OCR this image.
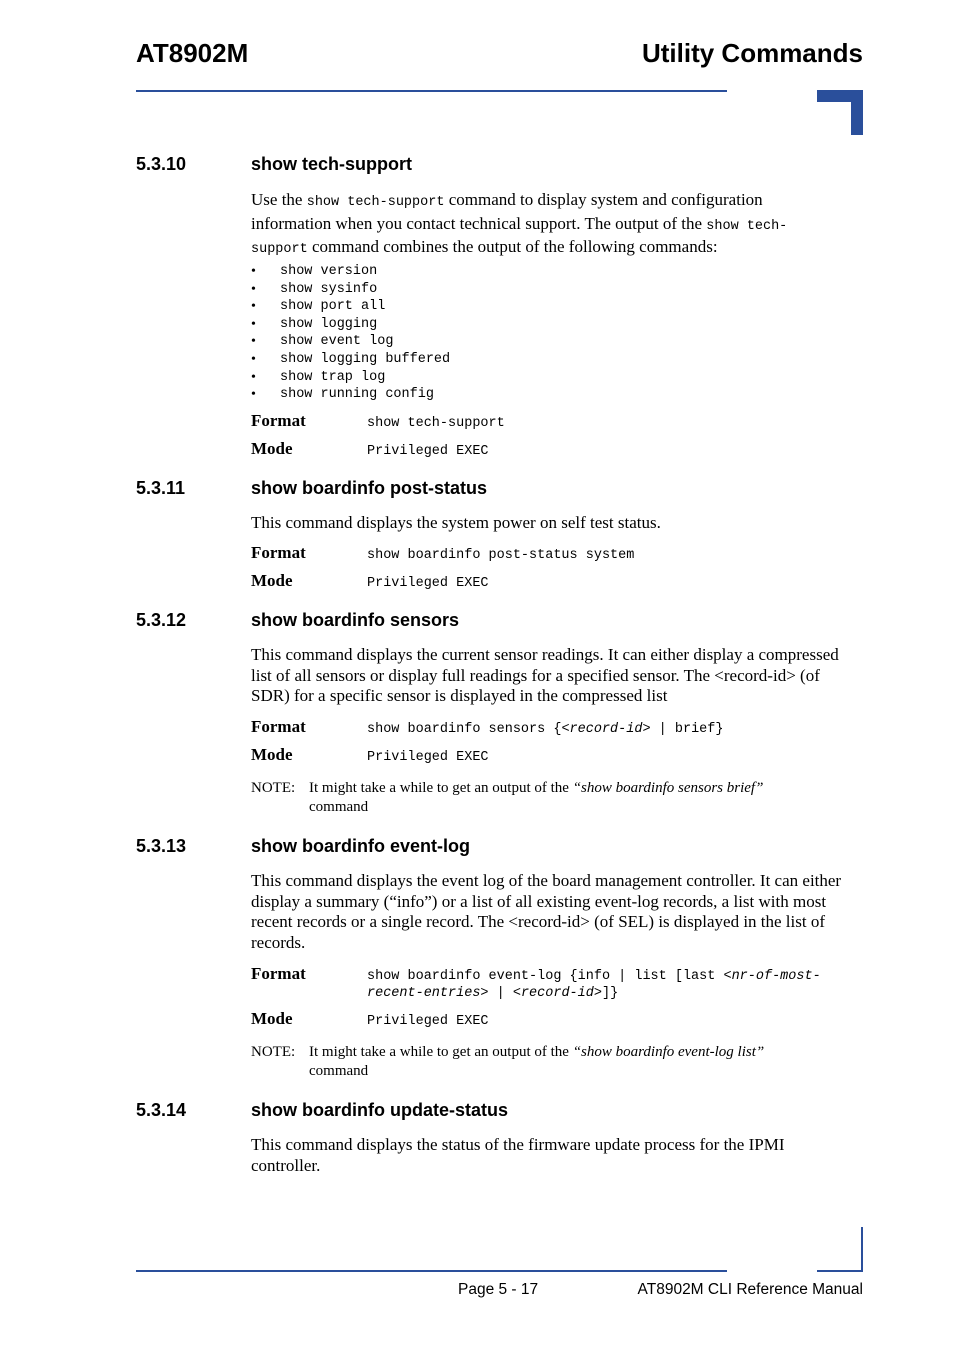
AT8902M	Utility Commands
5.3.10	show tech-support
Use the show tech-support command to display system and configuration
information when you contact technical support. The output of the show tech-
support command combines the output of the following commands:
• show version
• show sysinfo
• show port all
• show logging
• show event log
• show logging buffered
• show trap log
• show running config
Format	show tech-support
Mode	Privileged EXEC
5.3.11	show boardinfo post-status
This command displays the system power on self test status.
Format	show boardinfo post-status system
Mode	Privileged EXEC
5.3.12	show boardinfo sensors
This command displays the current sensor readings. It can either display a compressed
list of all sensors or display full readings for a specified sensor. The <record-id> (of
SDR) for a specific sensor is displayed in the compressed list
Format	show boardinfo sensors {<record-id> | brief}
Mode	Privileged EXEC
NOTE: It might take a while to get an output of the “show boardinfo sensors brief”
command
5.3.13	show boardinfo event-log
This command displays the event log of the board management controller. It can either
display a summary (“info”) or a list of all existing event-log records, a list with most
recent records or a single record. The <record-id> (of SEL) is displayed in the list of
records.
Format	show boardinfo event-log {info | list [last <nr-of-most-
recent-entries> | <record-id>]}
Mode	Privileged EXEC
NOTE: It might take a while to get an output of the “show boardinfo event-log list”
command
5.3.14	show boardinfo update-status
This command displays the status of the firmware update process for the IPMI
controller.
Page 5 - 17	AT8902M CLI Reference Manual
